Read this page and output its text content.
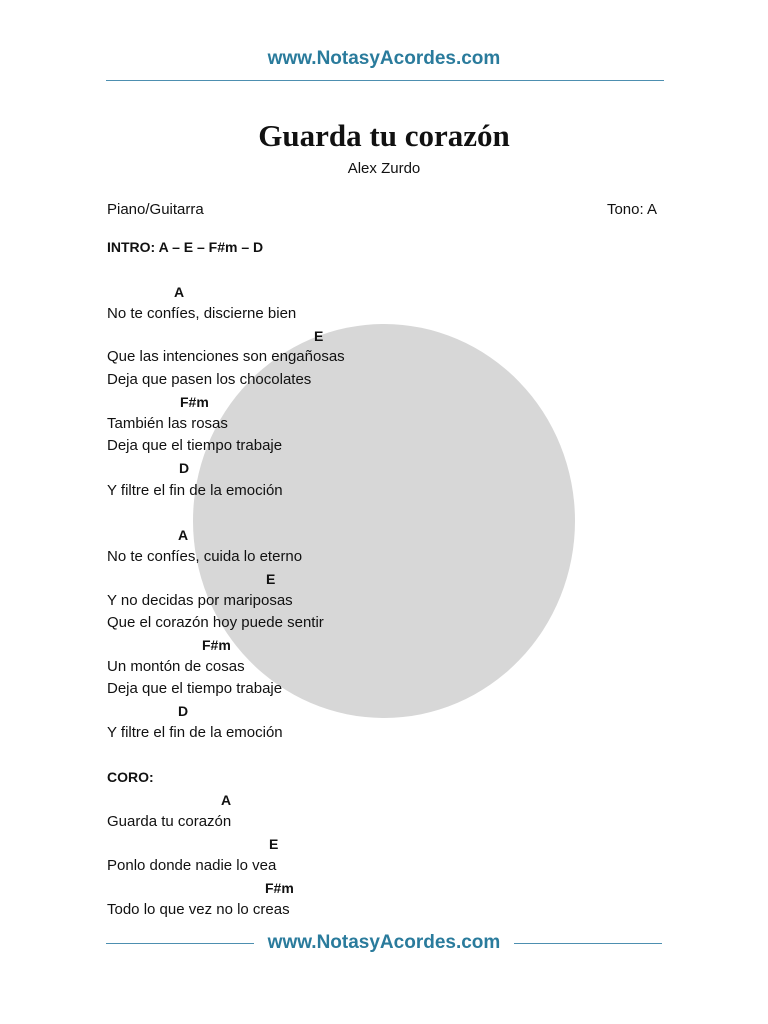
www.NotasyAcordes.com
Guarda tu corazón
Alex Zurdo
Piano/Guitarra	Tono: A
INTRO: A – E – F#m – D
A
No te confíes, discierne bien
E
Que las intenciones son engañosas
Deja que pasen los chocolates
F#m
También las rosas
Deja que el tiempo trabaje
D
Y filtre el fin de la emoción
A
No te confíes, cuida lo eterno
E
Y no decidas por mariposas
Que el corazón hoy puede sentir
F#m
Un montón de cosas
Deja que el tiempo trabaje
D
Y filtre el fin de la emoción
CORO:
A
Guarda tu corazón
E
Ponlo donde nadie lo vea
F#m
Todo lo que vez no lo creas
www.NotasyAcordes.com
